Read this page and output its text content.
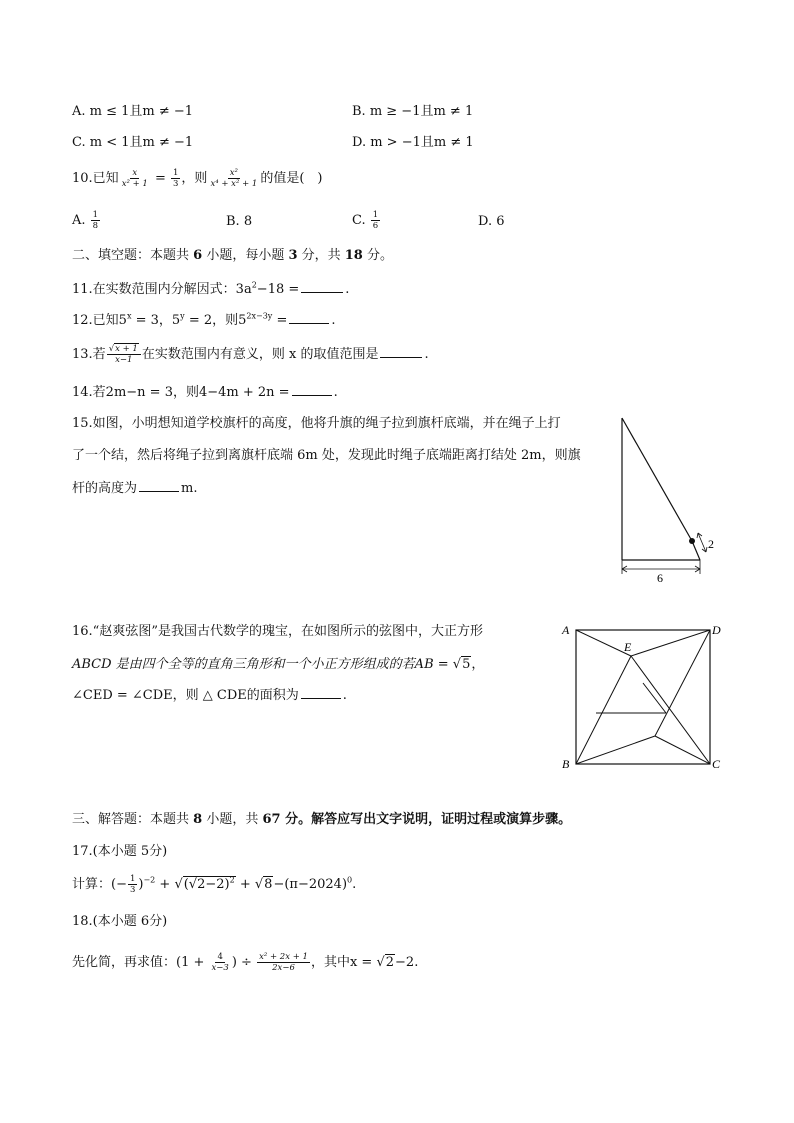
A. m ≤ 1且m ≠ −1	B. m ≥ −1且m ≠ 1
C. m < 1且m ≠ −1	D. m > −1且m ≠ 1
10.已知 $\frac{x}{\text{x² + 1}} = \frac{1}{3}$ ，则 $\frac{\text{x²}}{\text{x⁴ + x² + 1}}$ 的值是(　)
A. $\frac{1}{8}$	B. 8	C. $\frac{1}{6}$	D. 6
二、填空题：本题共 6 小题，每小题 3 分，共 18 分。
11.在实数范围内分解因式：$3a^2-18$ =	.
12.已知$5^x = 3$，$5^y = 2$，则$5^{2x-3y}$ =	.
13.若 $\frac{√x + 1}{x-1}$ 在实数范围内有意义，则 x 的取值范围是	.
14.若2m−n = 3，则4−4m + 2n =	.
15.如图，小明想知道学校旗杆的高度，他将升旗的绳子拉到旗杆底端，并在绳子上打
了一个结，然后将绳子拉到离旗杆底端 6m 处，发现此时绳子底端距离打结处 2m，则旗
杆的高度为	m.
2
6
16.“赵爽弦图”是我国古代数学的瑰宝，在如图所示的弦图中，大正方形
ABCD 是由四个全等的直角三角形和一个小正方形组成的若AB = √5，
∠CED = ∠CDE，则 △ CDE的面积为	.
A
B	C
D
E
三、解答题：本题共 8 小题，共 67 分。解答应写出文字说明，证明过程或演算步骤。
17.(本小题 5分)
计算：(− $\frac{1}{3} )^{-2} + √(√2-2)^2 + √8-(\pi-2024)^0$.
18.(本小题 6分)
先化简，再求值：($1 + \frac{4}{x-3}$ ) ÷ $\frac{\text{x² + 2x + 1}}{2x-6}$ ，其中x = √2−2.
